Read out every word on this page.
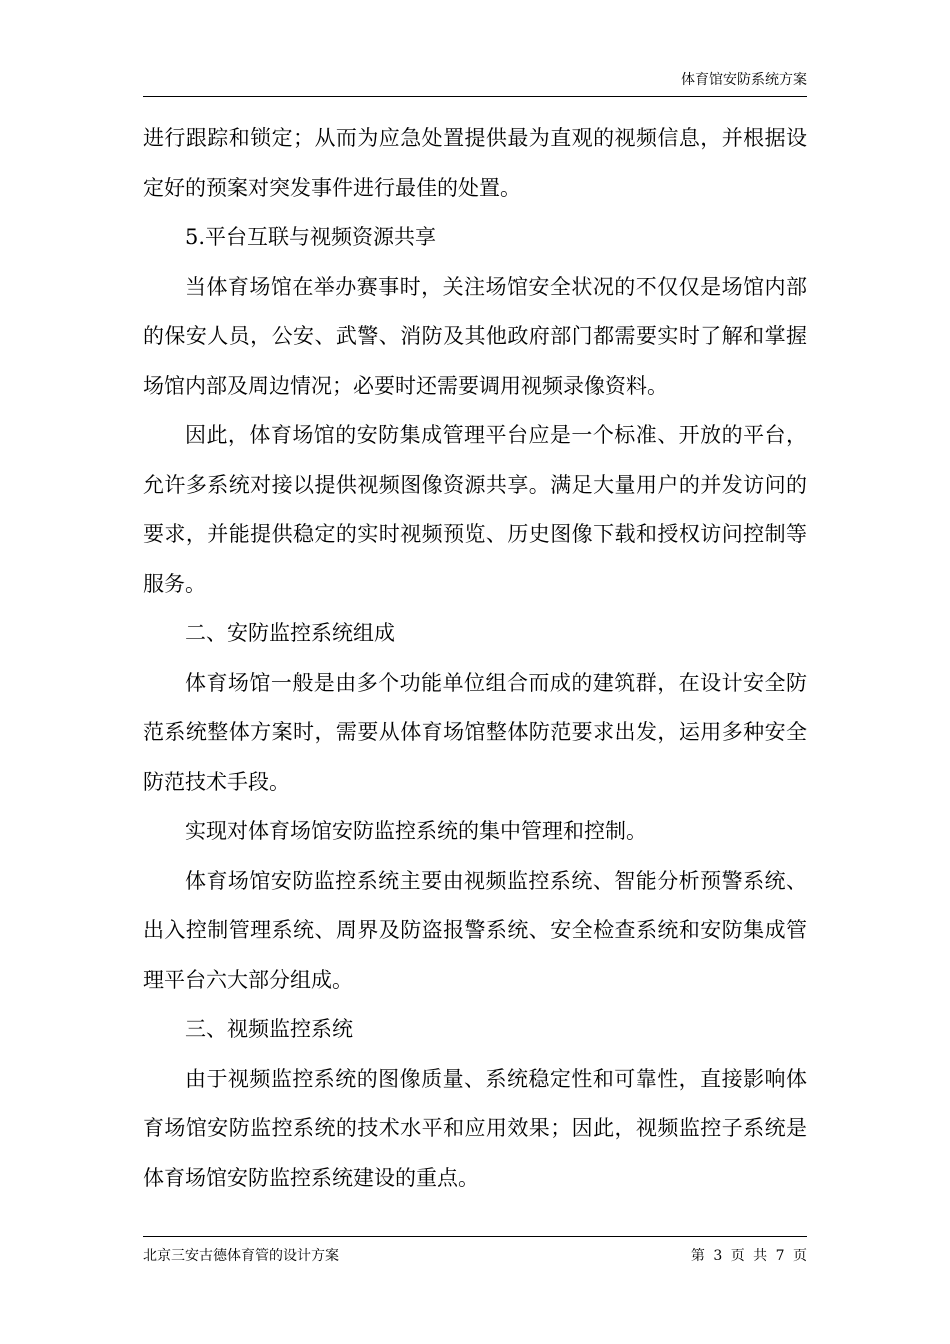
体育馆安防系统方案

进行跟踪和锁定；从而为应急处置提供最为直观的视频信息，并根据设定好的预案对突发事件进行最佳的处置。

5.平台互联与视频资源共享

当体育场馆在举办赛事时，关注场馆安全状况的不仅仅是场馆内部的保安人员，公安、武警、消防及其他政府部门都需要实时了解和掌握场馆内部及周边情况；必要时还需要调用视频录像资料。

因此，体育场馆的安防集成管理平台应是一个标准、开放的平台，允许多系统对接以提供视频图像资源共享。满足大量用户的并发访问的要求，并能提供稳定的实时视频预览、历史图像下载和授权访问控制等服务。

二、安防监控系统组成

体育场馆一般是由多个功能单位组合而成的建筑群，在设计安全防范系统整体方案时，需要从体育场馆整体防范要求出发，运用多种安全防范技术手段。

实现对体育场馆安防监控系统的集中管理和控制。

体育场馆安防监控系统主要由视频监控系统、智能分析预警系统、出入控制管理系统、周界及防盗报警系统、安全检查系统和安防集成管理平台六大部分组成。

三、视频监控系统

由于视频监控系统的图像质量、系统稳定性和可靠性，直接影响体育场馆安防监控系统的技术水平和应用效果；因此，视频监控子系统是体育场馆安防监控系统建设的重点。

北京三安古德体育管的设计方案	第 3 页 共 7 页
